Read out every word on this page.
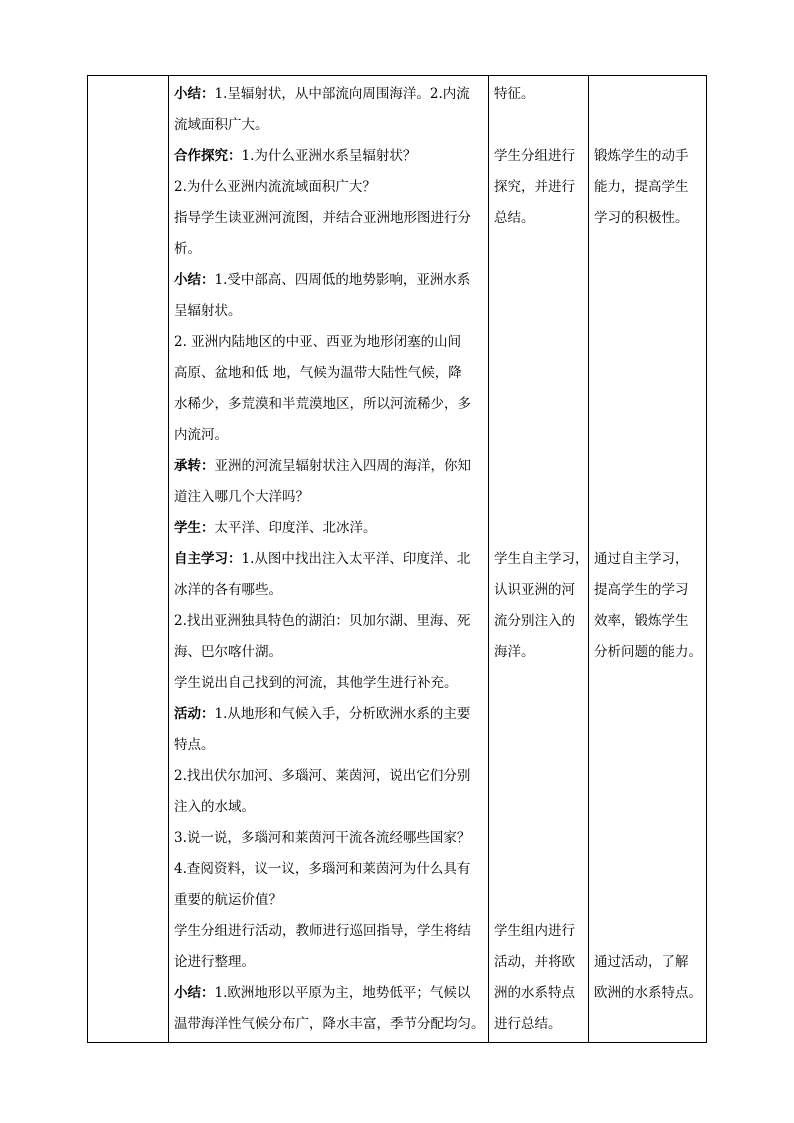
小结：1.呈辐射状，从中部流向周围海洋。2.内流
流域面积广大。
合作探究：1.为什么亚洲水系呈辐射状？
2.为什么亚洲内流流域面积广大？
指导学生读亚洲河流图，并结合亚洲地形图进行分
析。
小结：1.受中部高、四周低的地势影响，亚洲水系
呈辐射状。
2. 亚洲内陆地区的中亚、西亚为地形闭塞的山间
高原、盆地和低 地，气候为温带大陆性气候，降
水稀少，多荒漠和半荒漠地区，所以河流稀少，多
内流河。
承转：亚洲的河流呈辐射状注入四周的海洋，你知
道注入哪几个大洋吗？
学生：太平洋、印度洋、北冰洋。
自主学习：1.从图中找出注入太平洋、印度洋、北
冰洋的各有哪些。
2.找出亚洲独具特色的湖泊：贝加尔湖、里海、死
海、巴尔喀什湖。
学生说出自己找到的河流，其他学生进行补充。
活动：1.从地形和气候入手，分析欧洲水系的主要
特点。
2.找出伏尔加河、多瑙河、莱茵河，说出它们分别
注入的水域。
3.说一说，多瑙河和莱茵河干流各流经哪些国家？
4.查阅资料，议一议，多瑙河和莱茵河为什么具有
重要的航运价值？
学生分组进行活动，教师进行巡回指导，学生将结
论进行整理。
小结：1.欧洲地形以平原为主，地势低平；气候以
温带海洋性气候分布广，降水丰富，季节分配均匀。
特征。
学生分组进行
探究，并进行
总结。
学生自主学习，
认识亚洲的河
流分别注入的
海洋。
学生组内进行
活动，并将欧
洲的水系特点
进行总结。
锻炼学生的动手
能力，提高学生
学习的积极性。
通过自主学习，
提高学生的学习
效率，锻炼学生
分析问题的能力。
通过活动，了解
欧洲的水系特点。
